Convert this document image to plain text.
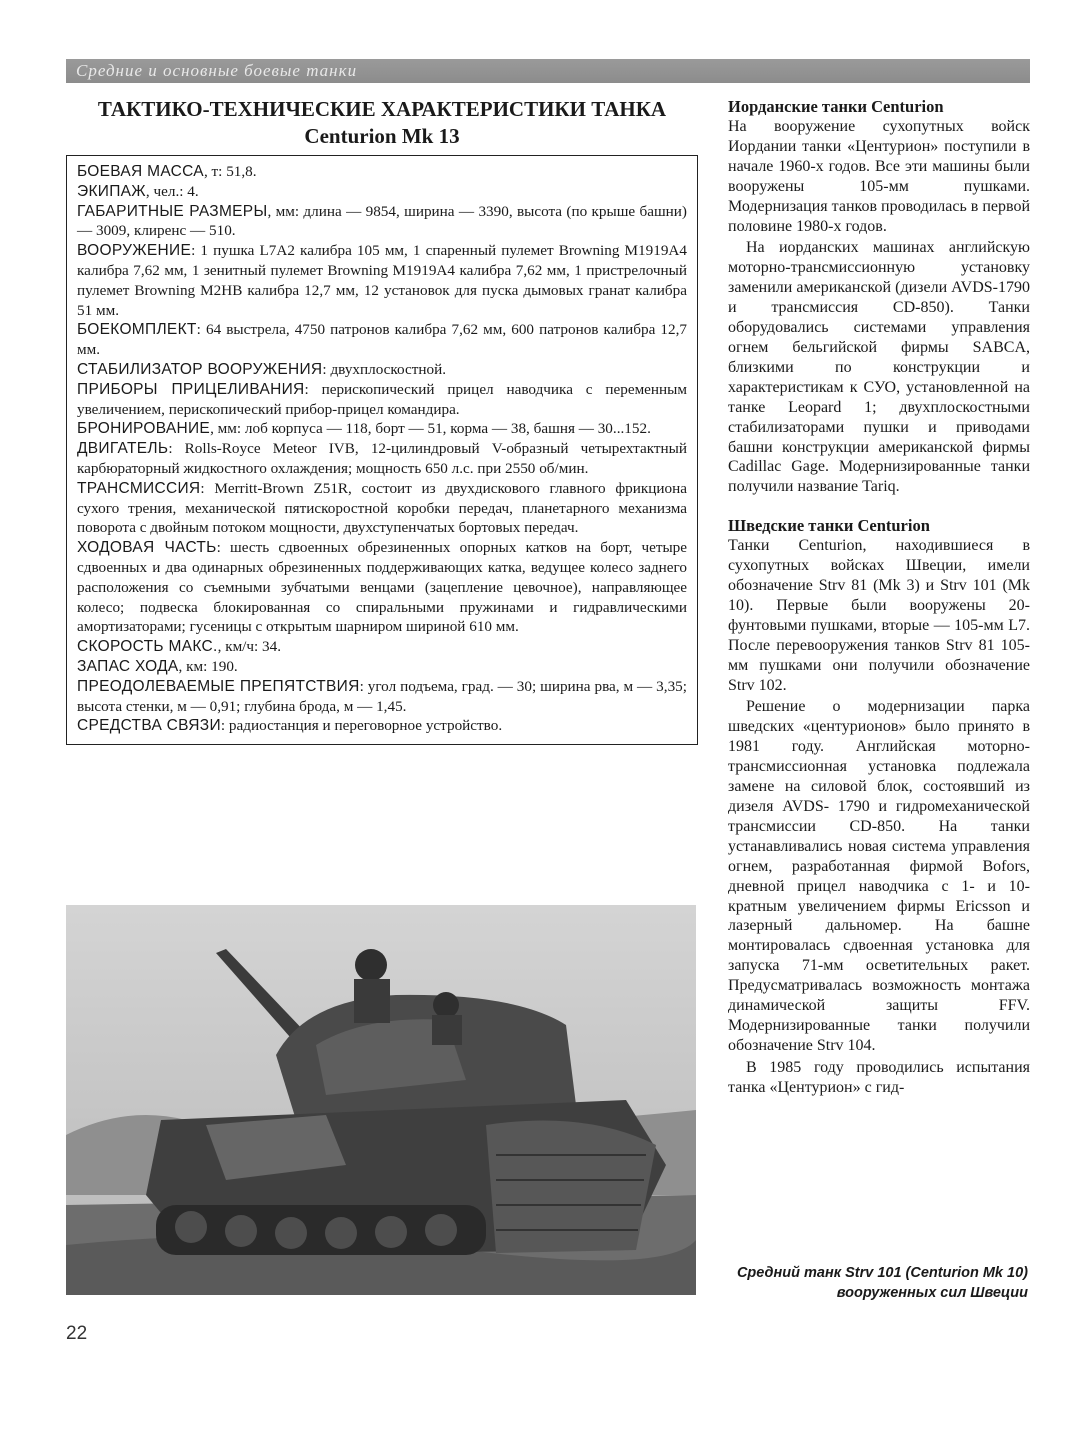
Средние и основные боевые танки
ТАКТИКО-ТЕХНИЧЕСКИЕ ХАРАКТЕРИСТИКИ ТАНКА
Centurion Mk 13

БОЕВАЯ МАССА, т: 51,8.

ЭКИПАЖ, чел.: 4.

ГАБАРИТНЫЕ РАЗМЕРЫ, мм: длина — 9854, ширина — 3390, высота (по крыше башни) — 3009, клиренс — 510.

ВООРУЖЕНИЕ: 1 пушка L7A2 калибра 105 мм, 1 спаренный пулемет Browning M1919A4 калибра 7,62 мм, 1 зенитный пулемет Browning M1919A4 калибра 7,62 мм, 1 пристрелочный пулемет Browning M2HB калибра 12,7 мм, 12 установок для пуска дымовых гранат калибра 51 мм.

БОЕКОМПЛЕКТ: 64 выстрела, 4750 патронов калибра 7,62 мм, 600 патронов калибра 12,7 мм.

СТАБИЛИЗАТОР ВООРУЖЕНИЯ: двухплоскостной.

ПРИБОРЫ ПРИЦЕЛИВАНИЯ: перископический прицел наводчика с переменным увеличением, перископический прибор-прицел командира.

БРОНИРОВАНИЕ, мм: лоб корпуса — 118, борт — 51, корма — 38, башня — 30...152.

ДВИГАТЕЛЬ: Rolls-Royce Meteor IVB, 12-цилиндровый V-образный четырехтактный карбюраторный жидкостного охлаждения; мощность 650 л.с. при 2550 об/мин.

ТРАНСМИССИЯ: Merritt-Brown Z51R, состоит из двухдискового главного фрикциона сухого трения, механической пятискоростной коробки передач, планетарного механизма поворота с двойным потоком мощности, двухступенчатых бортовых передач.

ХОДОВАЯ ЧАСТЬ: шесть сдвоенных обрезиненных опорных катков на борт, четыре сдвоенных и два одинарных обрезиненных поддерживающих катка, ведущее колесо заднего расположения со съемными зубчатыми венцами (зацепление цевочное), направляющее колесо; подвеска блокированная со спиральными пружинами и гидравлическими амортизаторами; гусеницы с открытым шарниром шириной 610 мм.

СКОРОСТЬ МАКС., км/ч: 34.

ЗАПАС ХОДА, км: 190.

ПРЕОДОЛЕВАЕМЫЕ ПРЕПЯТСТВИЯ: угол подъема, град. — 30; ширина рва, м — 3,35; высота стенки, м — 0,91; глубина брода, м — 1,45.

СРЕДСТВА СВЯЗИ: радиостанция и переговорное устройство.

Иорданские танки Centurion

На вооружение сухопутных войск Иордании танки «Центурион» поступили в начале 1960-х годов. Все эти машины были вооружены 105-мм пушками. Модернизация танков проводилась в первой половине 1980-х годов.

На иорданских машинах английскую моторно-трансмиссионную установку заменили американской (дизели AVDS-1790 и трансмиссия CD-850). Танки оборудовались системами управления огнем бельгийской фирмы SABCA, близкими по конструкции и характеристикам к СУО, установленной на танке Leopard 1; двухплоскостными стабилизаторами пушки и приводами башни конструкции американской фирмы Cadillac Gage. Модернизированные танки получили название Tariq.

Шведские танки Centurion

Танки Centurion, находившиеся в сухопутных войсках Швеции, имели обозначение Strv 81 (Mk 3) и Strv 101 (Mk 10). Первые были вооружены 20-фунтовыми пушками, вторые — 105-мм L7. После перевооружения танков Strv 81 105-мм пушками они получили обозначение Strv 102.

Решение о модернизации парка шведских «центурионов» было принято в 1981 году. Английская моторно-трансмиссионная установка подлежала замене на силовой блок, состоявший из дизеля AVDS- 1790 и гидромеханической трансмиссии CD-850. На танки устанавливались новая система управления огнем, разработанная фирмой Bofors, дневной прицел наводчика с 1- и 10-кратным увеличением фирмы Ericsson и лазерный дальномер. На башне монтировалась сдвоенная установка для запуска 71-мм осветительных ракет. Предусматривалась возможность монтажа динамической защиты FFV. Модернизированные танки получили обозначение Strv 104.

В 1985 году проводились испытания танка «Центурион» с гид-

Средний танк Strv 101 (Centurion Mk 10) вооруженных сил Швеции
22
